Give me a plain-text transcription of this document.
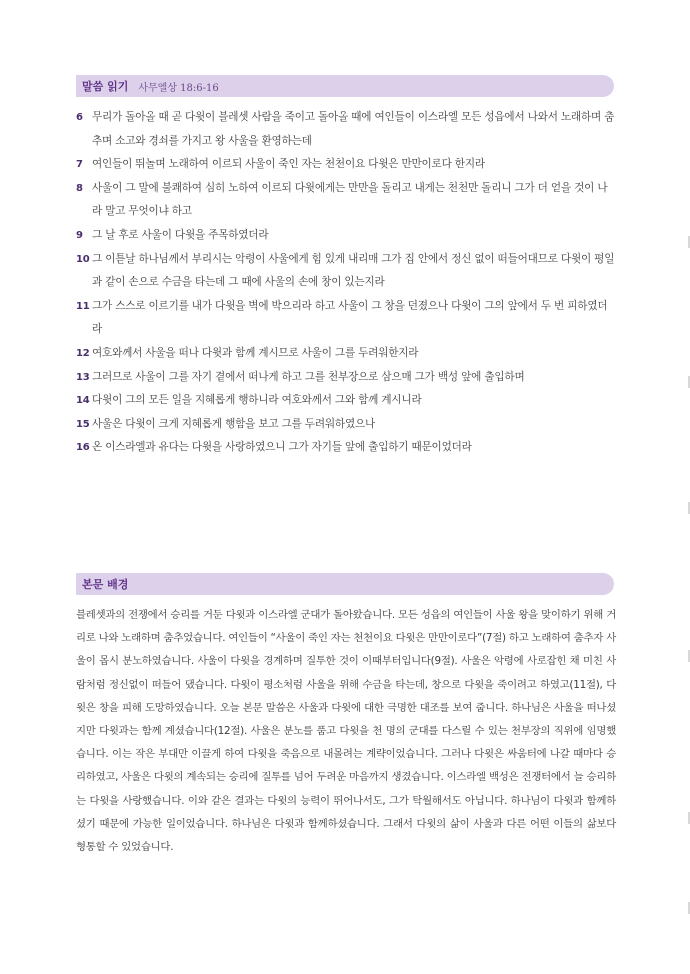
말씀 읽기 사무엘상 18:6-16
6 무리가 돌아올 때 곧 다윗이 블레셋 사람을 죽이고 돌아올 때에 여인들이 이스라엘 모든 성읍에서 나와서 노래하며 춤추며 소고와 경쇠를 가지고 왕 사울을 환영하는데
7 여인들이 뛰놀며 노래하여 이르되 사울이 죽인 자는 천천이요 다윗은 만만이로다 한지라
8 사울이 그 말에 불쾌하여 심히 노하여 이르되 다윗에게는 만만을 돌리고 내게는 천천만 돌리니 그가 더 얻을 것이 나라 말고 무엇이냐 하고
9 그 날 후로 사울이 다윗을 주목하였더라
10 그 이튿날 하나님께서 부리시는 악령이 사울에게 힘 있게 내리매 그가 집 안에서 정신 없이 떠들어대므로 다윗이 평일과 같이 손으로 수금을 타는데 그 때에 사울의 손에 창이 있는지라
11 그가 스스로 이르기를 내가 다윗을 벽에 박으리라 하고 사울이 그 창을 던졌으나 다윗이 그의 앞에서 두 번 피하였더라
12 여호와께서 사울을 떠나 다윗과 함께 계시므로 사울이 그를 두려워한지라
13 그러므로 사울이 그를 자기 곁에서 떠나게 하고 그를 천부장으로 삼으매 그가 백성 앞에 출입하며
14 다윗이 그의 모든 일을 지혜롭게 행하니라 여호와께서 그와 함께 계시니라
15 사울은 다윗이 크게 지혜롭게 행함을 보고 그를 두려워하였으나
16 온 이스라엘과 유다는 다윗을 사랑하였으니 그가 자기들 앞에 출입하기 때문이었더라
본문 배경
블레셋과의 전쟁에서 승리를 거둔 다윗과 이스라엘 군대가 돌아왔습니다. 모든 성읍의 여인들이 사울 왕을 맞이하기 위해 거리로 나와 노래하며 춤추었습니다. 여인들이 “사울이 죽인 자는 천천이요 다윗은 만만이로다”(7절) 하고 노래하여 춤추자 사울이 몹시 분노하였습니다. 사울이 다윗을 경계하며 질투한 것이 이때부터입니다(9절). 사울은 악령에 사로잡힌 채 미친 사람처럼 정신없이 떠들어 댔습니다. 다윗이 평소처럼 사울을 위해 수금을 타는데, 창으로 다윗을 죽이려고 하였고(11절), 다윗은 창을 피해 도망하였습니다. 오늘 본문 말씀은 사울과 다윗에 대한 극명한 대조를 보여 줍니다. 하나님은 사울을 떠나셨지만 다윗과는 함께 계셨습니다(12절). 사울은 분노를 품고 다윗을 천 명의 군대를 다스릴 수 있는 천부장의 직위에 임명했습니다. 이는 작은 부대만 이끌게 하여 다윗을 죽음으로 내몰려는 계략이었습니다. 그러나 다윗은 싸움터에 나갈 때마다 승리하였고, 사울은 다윗의 계속되는 승리에 질투를 넘어 두려운 마음까지 생겼습니다. 이스라엘 백성은 전쟁터에서 늘 승리하는 다윗을 사랑했습니다. 이와 같은 결과는 다윗의 능력이 뛰어나서도, 그가 탁월해서도 아닙니다. 하나님이 다윗과 함께하셨기 때문에 가능한 일이었습니다. 하나님은 다윗과 함께하셨습니다. 그래서 다윗의 삶이 사울과 다른 어떤 이들의 삶보다 형통할 수 있었습니다.
